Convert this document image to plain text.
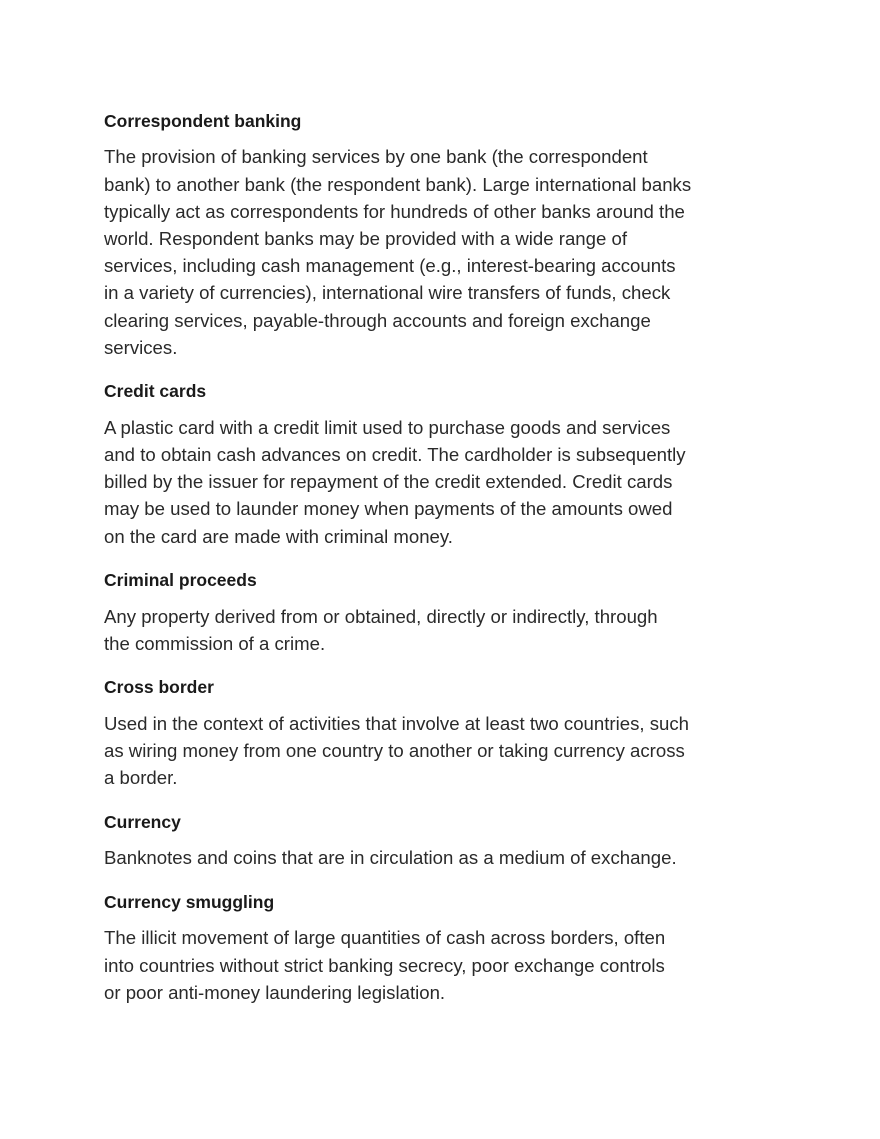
Correspondent banking
The provision of banking services by one bank (the correspondent
bank) to another bank (the respondent bank). Large international banks
typically act as correspondents for hundreds of other banks around the
world. Respondent banks may be provided with a wide range of
services, including cash management (e.g., interest-bearing accounts
in a variety of currencies), international wire transfers of funds, check
clearing services, payable-through accounts and foreign exchange
services.
Credit cards
A plastic card with a credit limit used to purchase goods and services
and to obtain cash advances on credit. The cardholder is subsequently
billed by the issuer for repayment of the credit extended. Credit cards
may be used to launder money when payments of the amounts owed
on the card are made with criminal money.
Criminal proceeds
Any property derived from or obtained, directly or indirectly, through
the commission of a crime.
Cross border
Used in the context of activities that involve at least two countries, such
as wiring money from one country to another or taking currency across
a border.
Currency
Banknotes and coins that are in circulation as a medium of exchange.
Currency smuggling
The illicit movement of large quantities of cash across borders, often
into countries without strict banking secrecy, poor exchange controls
or poor anti-money laundering legislation.
